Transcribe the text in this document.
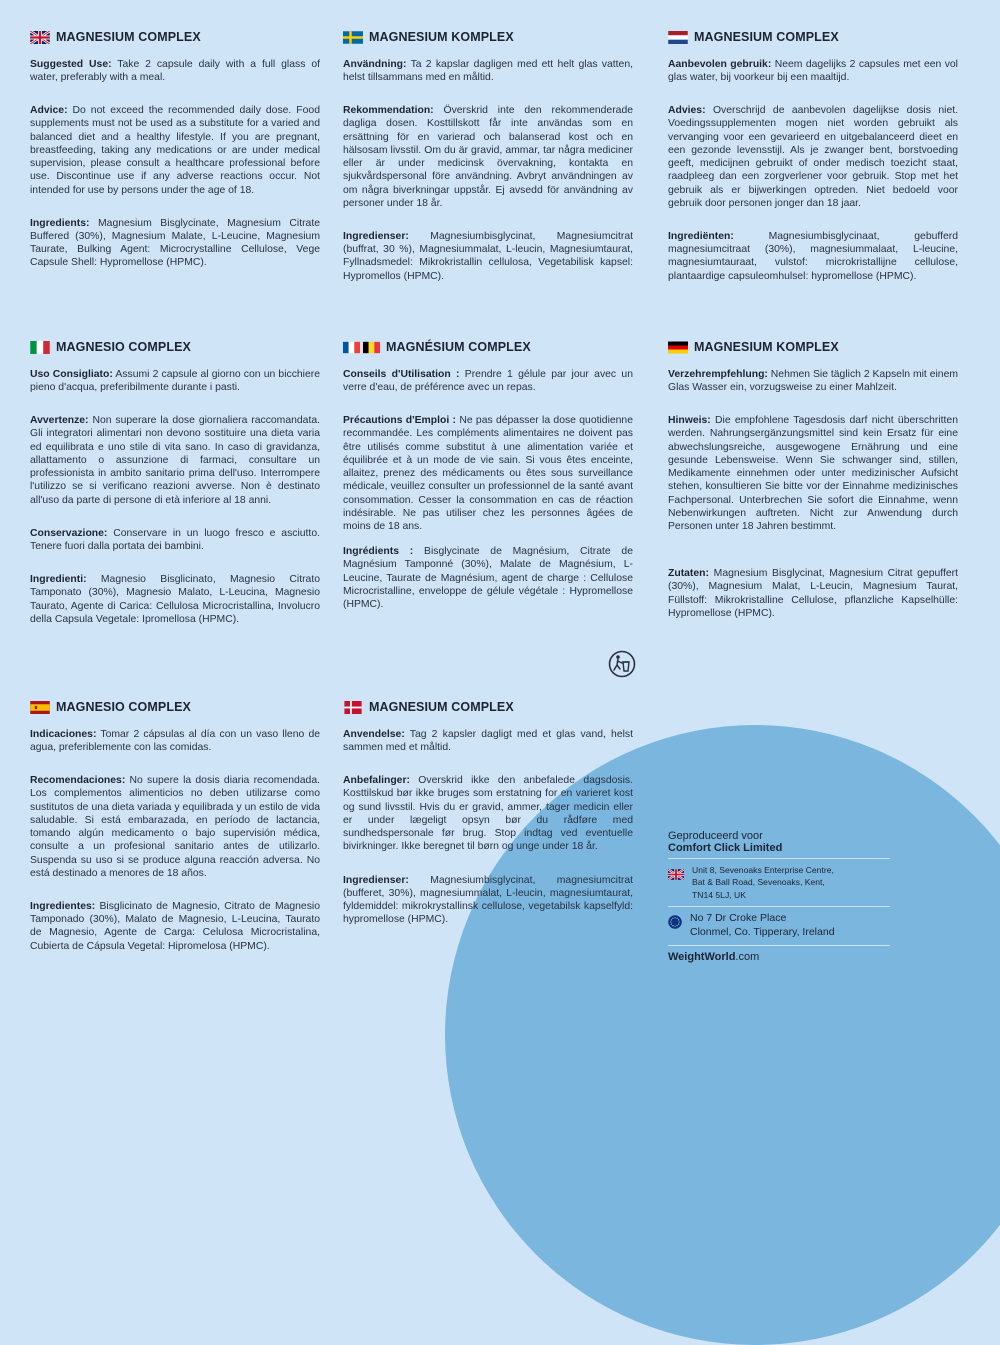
MAGNESIUM COMPLEX

Suggested Use: Take 2 capsule daily with a full glass of water, preferably with a meal.

Advice: Do not exceed the recommended daily dose. Food supplements must not be used as a substitute for a varied and balanced diet and a healthy lifestyle. If you are pregnant, breastfeeding, taking any medications or are under medical supervision, please consult a healthcare professional before use. Discontinue use if any adverse reactions occur. Not intended for use by persons under the age of 18.

Ingredients: Magnesium Bisglycinate, Magnesium Citrate Buffered (30%), Magnesium Malate, L-Leucine, Magnesium Taurate, Bulking Agent: Microcrystalline Cellulose, Vege Capsule Shell: Hypromellose (HPMC).

MAGNESIUM KOMPLEX

Användning: Ta 2 kapslar dagligen med ett helt glas vatten, helst tillsammans med en måltid.

Rekommendation: Överskrid inte den rekommenderade dagliga dosen. Kosttillskott får inte användas som en ersättning för en varierad och balanserad kost och en hälsosam livsstil. Om du är gravid, ammar, tar några mediciner eller är under medicinsk övervakning, kontakta en sjukvårdspersonal före användning. Avbryt användningen av om några biverkningar uppstår. Ej avsedd för användning av personer under 18 år.

Ingredienser: Magnesiumbisglycinat, Magnesiumcitrat (buffrat, 30 %), Magnesiummalat, L-leucin, Magnesiumtaurat, Fyllnadsmedel: Mikrokristallin cellulosa, Vegetabilisk kapsel: Hypromellos (HPMC).

MAGNESIUM COMPLEX

Aanbevolen gebruik: Neem dagelijks 2 capsules met een vol glas water, bij voorkeur bij een maaltijd.

Advies: Overschrijd de aanbevolen dagelijkse dosis niet. Voedingssupplementen mogen niet worden gebruikt als vervanging voor een gevarieerd en uitgebalanceerd dieet en een gezonde levensstijl. Als je zwanger bent, borstvoeding geeft, medicijnen gebruikt of onder medisch toezicht staat, raadpleeg dan een zorgverlener voor gebruik. Stop met het gebruik als er bijwerkingen optreden. Niet bedoeld voor gebruik door personen jonger dan 18 jaar.

Ingrediënten: Magnesiumbisglycinaat, gebufferd magnesiumcitraat (30%), magnesiummalaat, L-leucine, magnesiumtauraat, vulstof: microkristallijne cellulose, plantaardige capsuleomhulsel: hypromellose (HPMC).

MAGNESIO COMPLEX

Uso Consigliato: Assumi 2 capsule al giorno con un bicchiere pieno d'acqua, preferibilmente durante i pasti.

Avvertenze: Non superare la dose giornaliera raccomandata. Gli integratori alimentari non devono sostituire una dieta varia ed equilibrata e uno stile di vita sano. In caso di gravidanza, allattamento o assunzione di farmaci, consultare un professionista in ambito sanitario prima dell'uso. Interrompere l'utilizzo se si verificano reazioni avverse. Non è destinato all'uso da parte di persone di età inferiore al 18 anni.

Conservazione: Conservare in un luogo fresco e asciutto. Tenere fuori dalla portata dei bambini.

Ingredienti: Magnesio Bisglicinato, Magnesio Citrato Tamponato (30%), Magnesio Malato, L-Leucina, Magnesio Taurato, Agente di Carica: Cellulosa Microcristallina, Involucro della Capsula Vegetale: Ipromellosa (HPMC).

MAGNÉSIUM COMPLEX

Conseils d'Utilisation : Prendre 1 gélule par jour avec un verre d'eau, de préférence avec un repas.

Précautions d'Emploi : Ne pas dépasser la dose quotidienne recommandée. Les compléments alimentaires ne doivent pas être utilisés comme substitut à une alimentation variée et équilibrée et à un mode de vie sain. Si vous êtes enceinte, allaitez, prenez des médicaments ou êtes sous surveillance médicale, veuillez consulter un professionnel de la santé avant consommation. Cesser la consommation en cas de réaction indésirable. Ne pas utiliser chez les personnes âgées de moins de 18 ans.

Ingrédients : Bisglycinate de Magnésium, Citrate de Magnésium Tamponné (30%), Malate de Magnésium, L-Leucine, Taurate de Magnésium, agent de charge : Cellulose Microcristalline, enveloppe de gélule végétale : Hypromellose (HPMC).

MAGNESIUM KOMPLEX

Verzehrempfehlung: Nehmen Sie täglich 2 Kapseln mit einem Glas Wasser ein, vorzugsweise zu einer Mahlzeit.

Hinweis: Die empfohlene Tagesdosis darf nicht überschritten werden. Nahrungsergänzungsmittel sind kein Ersatz für eine abwechslungsreiche, ausgewogene Ernährung und eine gesunde Lebensweise. Wenn Sie schwanger sind, stillen, Medikamente einnehmen oder unter medizinischer Aufsicht stehen, konsultieren Sie bitte vor der Einnahme medizinisches Fachpersonal. Unterbrechen Sie sofort die Einnahme, wenn Nebenwirkungen auftreten. Nicht zur Anwendung durch Personen unter 18 Jahren bestimmt.

Zutaten: Magnesium Bisglycinat, Magnesium Citrat gepuffert (30%), Magnesium Malat, L-Leucin, Magnesium Taurat, Füllstoff: Mikrokristalline Cellulose, pflanzliche Kapselhülle: Hypromellose (HPMC).

MAGNESIO COMPLEX

Indicaciones: Tomar 2 cápsulas al día con un vaso lleno de agua, preferiblemente con las comidas.

Recomendaciones: No supere la dosis diaria recomendada. Los complementos alimenticios no deben utilizarse como sustitutos de una dieta variada y equilibrada y un estilo de vida saludable. Si está embarazada, en período de lactancia, tomando algún medicamento o bajo supervisión médica, consulte a un profesional sanitario antes de utilizarlo. Suspenda su uso si se produce alguna reacción adversa. No está destinado a menores de 18 años.

Ingredientes: Bisglicinato de Magnesio, Citrato de Magnesio Tamponado (30%), Malato de Magnesio, L-Leucina, Taurato de Magnesio, Agente de Carga: Celulosa Microcristalina, Cubierta de Cápsula Vegetal: Hipromelosa (HPMC).

MAGNESIUM COMPLEX

Anvendelse: Tag 2 kapsler dagligt med et glas vand, helst sammen med et måltid.

Anbefalinger: Overskrid ikke den anbefalede dagsdosis. Kosttilskud bør ikke bruges som erstatning for en varieret kost og sund livsstil. Hvis du er gravid, ammer, tager medicin eller er under lægeligt opsyn bør du rådføre med sundhedspersonale før brug. Stop indtag ved eventuelle bivirkninger. Ikke beregnet til børn og unge under 18 år.

Ingredienser: Magnesiumbisglycinat, magnesiumcitrat (bufferet, 30%), magnesiummalat, L-leucin, magnesiumtaurat, fyldemiddel: mikrokrystallinsk cellulose, vegetabilsk kapselfyld: hypromellose (HPMC).

Geproduceerd voor
Comfort Click Limited
Unit 8, Sevenoaks Enterprise Centre,
Bat & Ball Road, Sevenoaks, Kent,
TN14 5LJ, UK
No 7 Dr Croke Place
Clonmel, Co. Tipperary, Ireland
WeightWorld.com
